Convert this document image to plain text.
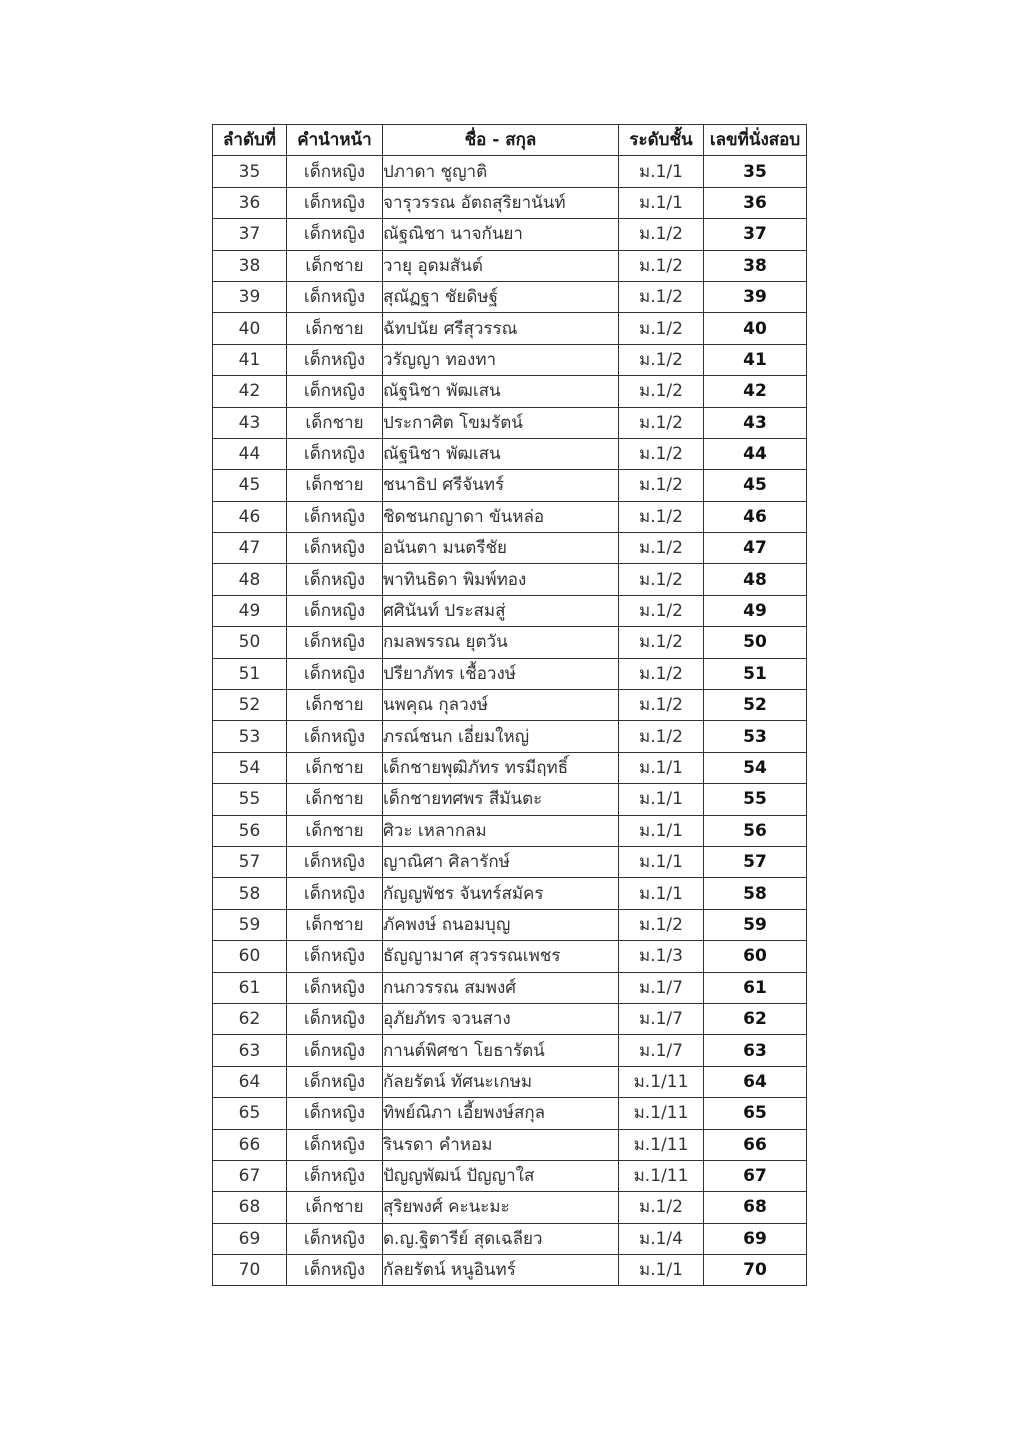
ลำดับที่	คำนำหน้า	ชื่อ - สกุล	ระดับชั้น	เลขที่นั่งสอบ
35	เด็กหญิง	ปภาดา ชูญาติ	ม.1/1	35
36	เด็กหญิง	จารุวรรณ อัตถสุริยานันท์	ม.1/1	36
37	เด็กหญิง	ณัฐณิชา นาจกันยา	ม.1/2	37
38	เด็กชาย	วายุ อุดมสันต์	ม.1/2	38
39	เด็กหญิง	สุณัฏฐา ชัยดิษฐ์	ม.1/2	39
40	เด็กชาย	ฉัทปนัย ศรีสุวรรณ	ม.1/2	40
41	เด็กหญิง	วรัญญา ทองทา	ม.1/2	41
42	เด็กหญิง	ณัฐนิชา พัฒเสน	ม.1/2	42
43	เด็กชาย	ประกาศิต โขมรัตน์	ม.1/2	43
44	เด็กหญิง	ณัฐนิชา พัฒเสน	ม.1/2	44
45	เด็กชาย	ชนาธิป ศรีจันทร์	ม.1/2	45
46	เด็กหญิง	ชิดชนกญาดา ขันหล่อ	ม.1/2	46
47	เด็กหญิง	อนันตา มนตรีชัย	ม.1/2	47
48	เด็กหญิง	พาทินธิดา พิมพ์ทอง	ม.1/2	48
49	เด็กหญิง	ศศินันท์ ประสมสู่	ม.1/2	49
50	เด็กหญิง	กมลพรรณ ยุตวัน	ม.1/2	50
51	เด็กหญิง	ปรียาภัทร เชื้อวงษ์	ม.1/2	51
52	เด็กชาย	นพคุณ กุลวงษ์	ม.1/2	52
53	เด็กหญิง	ภรณ์ชนก เอี่ยมใหญ่	ม.1/2	53
54	เด็กชาย	เด็กชายพุฒิภัทร ทรมีฤทธิ์	ม.1/1	54
55	เด็กชาย	เด็กชายทศพร สีมันตะ	ม.1/1	55
56	เด็กชาย	ศิวะ เหลากลม	ม.1/1	56
57	เด็กหญิง	ญาณิศา ศิลารักษ์	ม.1/1	57
58	เด็กหญิง	กัญญพัชร จันทร์สมัคร	ม.1/1	58
59	เด็กชาย	ภัคพงษ์ ถนอมบุญ	ม.1/2	59
60	เด็กหญิง	ธัญญามาศ สุวรรณเพชร	ม.1/3	60
61	เด็กหญิง	กนกวรรณ สมพงศ์	ม.1/7	61
62	เด็กหญิง	อุภัยภัทร จวนสาง	ม.1/7	62
63	เด็กหญิง	กานต์พิศชา โยธารัตน์	ม.1/7	63
64	เด็กหญิง	กัลยรัตน์ ทัศนะเกษม	ม.1/11	64
65	เด็กหญิง	ทิพย์ณิภา เอี้ยพงษ์สกุล	ม.1/11	65
66	เด็กหญิง	รินรดา คำหอม	ม.1/11	66
67	เด็กหญิง	ปัญญพัฒน์ ปัญญาใส	ม.1/11	67
68	เด็กชาย	สุริยพงศ์ คะนะมะ	ม.1/2	68
69	เด็กหญิง	ด.ญ.ฐิตารีย์ สุดเฉลียว	ม.1/4	69
70	เด็กหญิง	กัลยรัตน์ หนูอินทร์	ม.1/1	70
